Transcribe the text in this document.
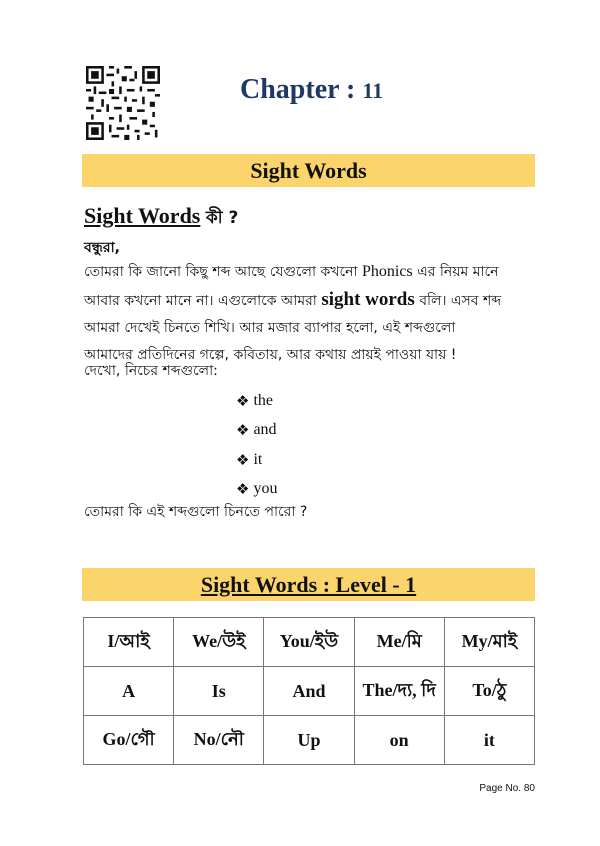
Chapter : 11
Sight Words
Sight Words কী ?
বন্ধুরা,
তোমরা কি জানো কিছু শব্দ আছে যেগুলো কখনো Phonics এর নিয়ম মানে
আবার কখনো মানে না। এগুলোকে আমরা sight words বলি। এসব শব্দ
আমরা দেখেই চিনতে শিখি। আর মজার ব্যাপার হলো, এই শব্দগুলো
আমাদের প্রতিদিনের গল্পে, কবিতায়, আর কথায় প্রায়ই পাওয়া যায় !
দেখো, নিচের শব্দগুলো:
❖ the
❖ and
❖ it
❖ you
তোমরা কি এই শব্দগুলো চিনতে পারো ?
Sight Words : Level - 1
I/আই	We/উই	You/ইউ	Me/মি	My/মাই
A	Is	And	The/দ্য, দি	To/ঠু
Go/গৌ	No/নৌ	Up	on	it
Page No. 80
